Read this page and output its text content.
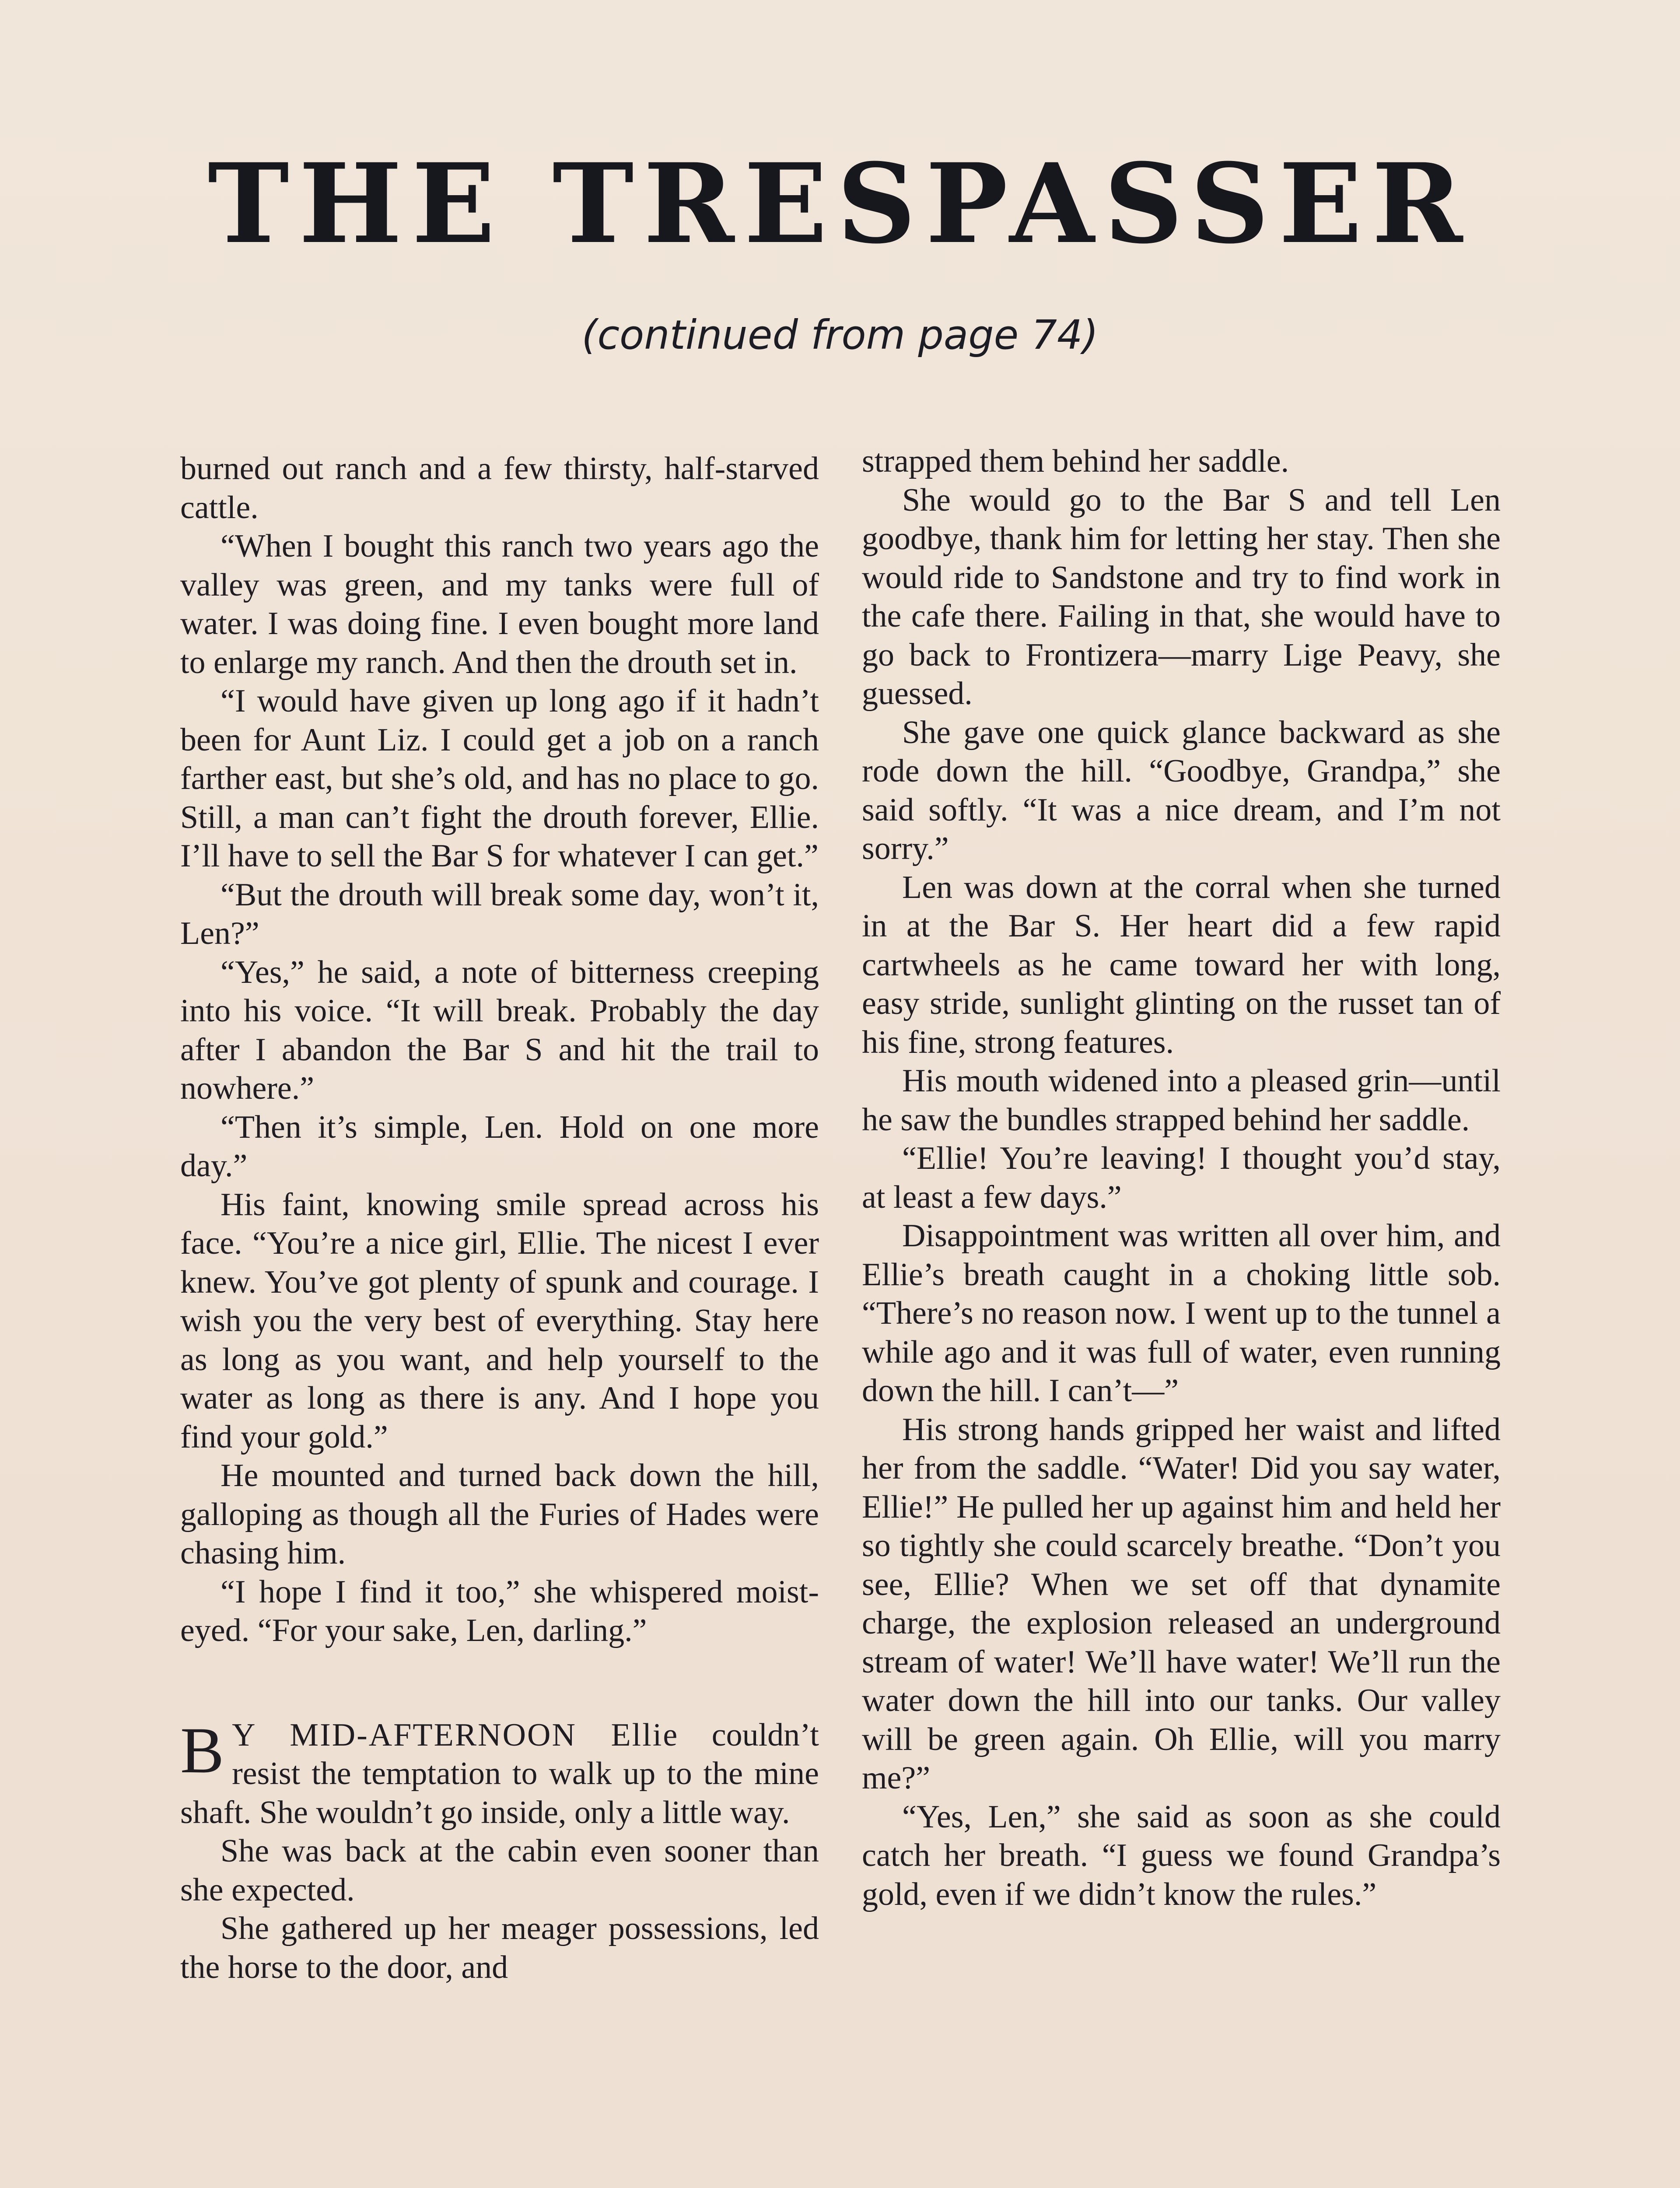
THE TRESPASSER
(continued from page 74)

burned out ranch and a few thirsty, half-starved cattle.

“When I bought this ranch two years ago the valley was green, and my tanks were full of water. I was doing fine. I even bought more land to enlarge my ranch. And then the drouth set in.

“I would have given up long ago if it hadn’t been for Aunt Liz. I could get a job on a ranch farther east, but she’s old, and has no place to go. Still, a man can’t fight the drouth forever, Ellie. I’ll have to sell the Bar S for whatever I can get.”

“But the drouth will break some day, won’t it, Len?”

“Yes,” he said, a note of bitterness creeping into his voice. “It will break. Probably the day after I abandon the Bar S and hit the trail to nowhere.”

“Then it’s simple, Len. Hold on one more day.”

His faint, knowing smile spread across his face. “You’re a nice girl, Ellie. The nicest I ever knew. You’ve got plenty of spunk and courage. I wish you the very best of everything. Stay here as long as you want, and help yourself to the water as long as there is any. And I hope you find your gold.”

He mounted and turned back down the hill, galloping as though all the Furies of Hades were chasing him.

“I hope I find it too,” she whispered moist-eyed. “For your sake, Len, darling.”

B Y MID-AFTERNOON Ellie couldn’t resist the temptation to walk up to the mine shaft. She wouldn’t go inside, only a little way.

She was back at the cabin even sooner than she expected.

She gathered up her meager possessions, led the horse to the door, and

strapped them behind her saddle.

She would go to the Bar S and tell Len goodbye, thank him for letting her stay. Then she would ride to Sandstone and try to find work in the cafe there. Failing in that, she would have to go back to Frontizera—marry Lige Peavy, she guessed.

She gave one quick glance backward as she rode down the hill. “Goodbye, Grandpa,” she said softly. “It was a nice dream, and I’m not sorry.”

Len was down at the corral when she turned in at the Bar S. Her heart did a few rapid cartwheels as he came toward her with long, easy stride, sunlight glinting on the russet tan of his fine, strong features.

His mouth widened into a pleased grin—until he saw the bundles strapped behind her saddle.

“Ellie! You’re leaving! I thought you’d stay, at least a few days.”

Disappointment was written all over him, and Ellie’s breath caught in a choking little sob. “There’s no reason now. I went up to the tunnel a while ago and it was full of water, even running down the hill. I can’t—”

His strong hands gripped her waist and lifted her from the saddle. “Water! Did you say water, Ellie!” He pulled her up against him and held her so tightly she could scarcely breathe. “Don’t you see, Ellie? When we set off that dynamite charge, the explosion released an underground stream of water! We’ll have water! We’ll run the water down the hill into our tanks. Our valley will be green again. Oh Ellie, will you marry me?”

“Yes, Len,” she said as soon as she could catch her breath. “I guess we found Grandpa’s gold, even if we didn’t know the rules.”
